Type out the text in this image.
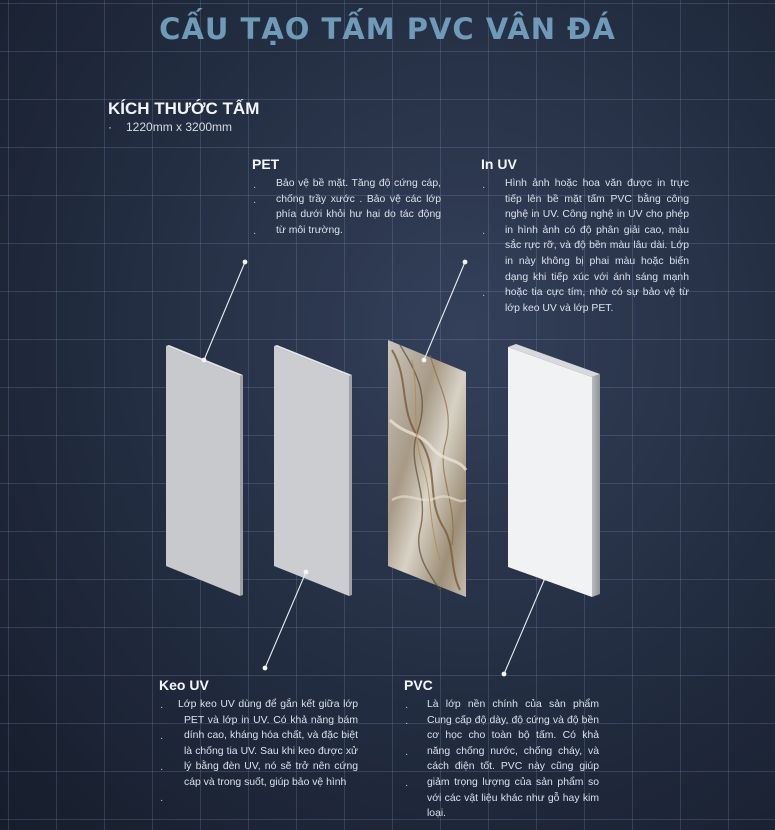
CẤU TẠO TẤM PVC VÂN ĐÁ
KÍCH THƯỚC TẤM
· 1220mm x 3200mm
PET
·
·
·
Bảo vệ bề mặt. Tăng độ cứng cáp, chống trầy xước . Bảo vệ các lớp phía dưới khỏi hư hại do tác động từ môi trường.
In UV
·
·
·
Hình ảnh hoặc hoa văn được in trực tiếp lên bề mặt tấm PVC bằng công nghệ in UV. Công nghệ in UV cho phép in hình ảnh có độ phân giải cao, màu sắc rực rỡ, và độ bền màu lâu dài. Lớp in này không bị phai màu hoặc biến dạng khi tiếp xúc với ánh sáng mạnh hoặc tia cực tím, nhờ có sự bảo vệ từ lớp keo UV và lớp PET.
Keo UV
·
·
·
·
Lớp keo UV dùng để gắn kết giữa lớp PET và lớp in UV. Có khả năng bám dính cao, kháng hóa chất, và đặc biệt là chống tia UV. Sau khi keo được xử lý bằng đèn UV, nó sẽ trở nên cứng cáp và trong suốt, giúp bảo vệ hình
PVC
·
·
·
·
Là lớp nền chính của sản phẩm Cung cấp độ dày, độ cứng và độ bền cơ học cho toàn bộ tấm. Có khả năng chống nước, chống cháy, và cách điện tốt. PVC này cũng giúp giảm trọng lượng của sản phẩm so với các vật liệu khác như gỗ hay kim loại.
